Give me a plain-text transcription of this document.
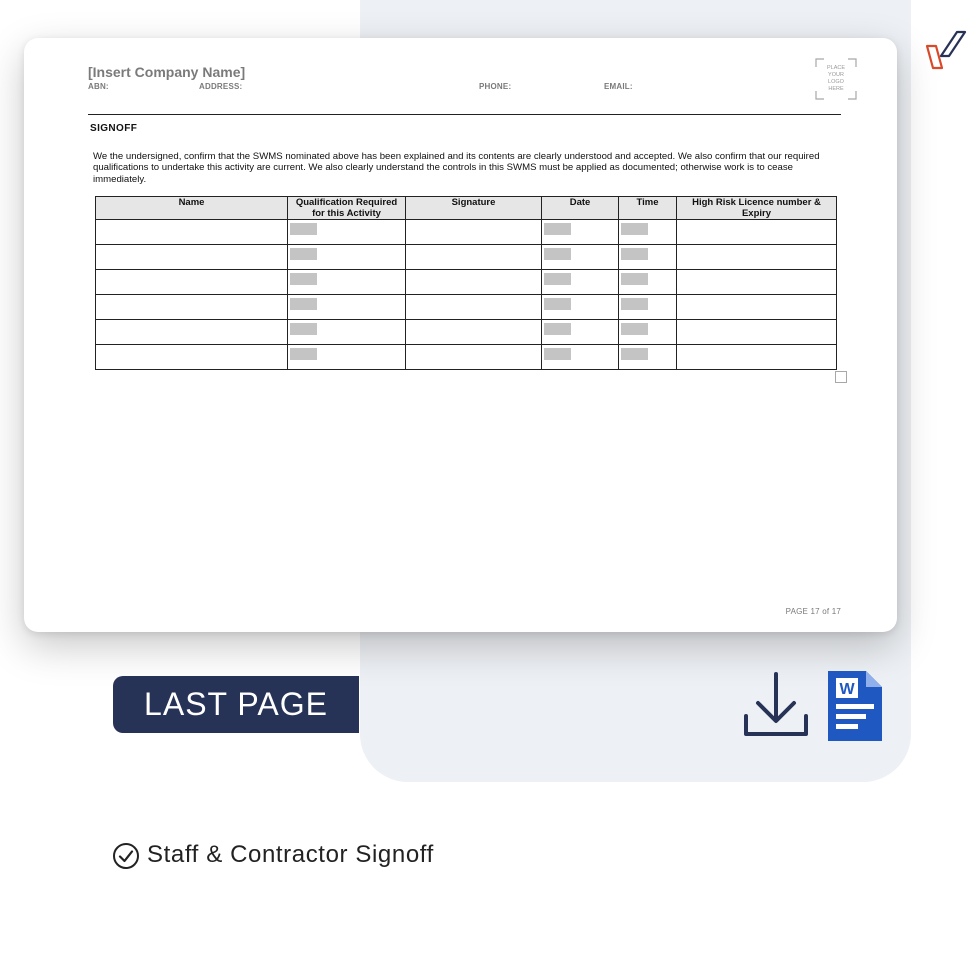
[Insert Company Name]
ABN:	ADDRESS:	PHONE:	EMAIL:
PLACE
YOUR
LOGO
HERE
SIGNOFF
We the undersigned, confirm that the SWMS nominated above has been explained and its contents are clearly understood and accepted. We also confirm that our required qualifications to undertake this activity are current. We also clearly understand the controls in this SWMS must be applied as documented; otherwise work is to cease immediately.
Name	Qualification Required for this Activity	Signature	Date	Time	High Risk Licence number & Expiry

PAGE 17 of 17
LAST PAGE	W
Staff & Contractor Signoff
